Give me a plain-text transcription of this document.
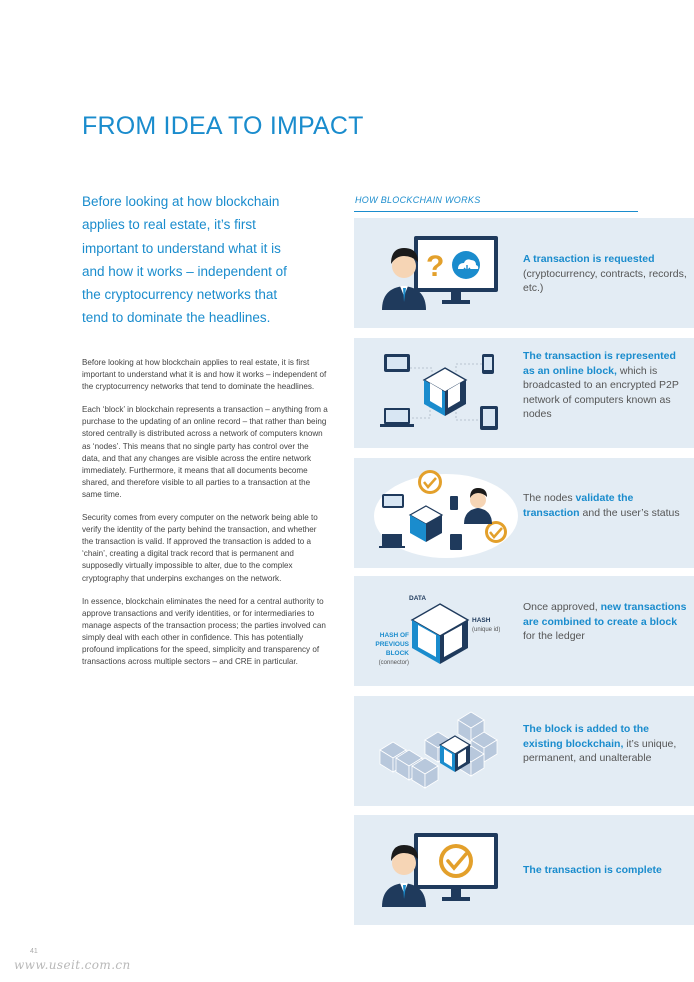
FROM IDEA TO IMPACT

Before looking at how blockchain

applies to real estate, it’s first

important to understand what it is

and how it works – independent of

the cryptocurrency networks that

tend to dominate the headlines.

Before looking at how blockchain applies to real estate, it is first important to understand what it is and how it works – independent of the cryptocurrency networks that tend to dominate the headlines.

Each ‘block’ in blockchain represents a transaction – anything from a purchase to the updating of an online record – that rather than being stored centrally is distributed across a network of computers known as ‘nodes’. This means that no single party has control over the data, and that any changes are visible across the entire network immediately. Furthermore, it means that all documents become shared, and therefore visible to all parties to a transaction at the same time.

Security comes from every computer on the network being able to verify the identity of the party behind the transaction, and whether the transaction is valid. If approved the transaction is added to a ‘chain’, creating a digital track record that is permanent and supposedly virtually impossible to alter, due to the complex cryptography that underpins exchanges on the network.

In essence, blockchain eliminates the need for a central authority to approve transactions and verify identities, or for intermediaries to manage aspects of the transaction process; the parties involved can simply deal with each other in confidence. This has potentially profound implications for the speed, simplicity and transparency of transactions across multiple sectors – and CRE in particular.

HOW BLOCKCHAIN WORKS
?	A transaction is requested
(cryptocurrency, contracts, records, etc.)
The transaction is represented as an online block, which is broadcasted to an encrypted P2P network of computers known as nodes
The nodes validate the transaction and the user’s status
DATA
HASH
(unique id)
HASH OF
PREVIOUS
BLOCK
(connector)
Once approved, new transactions are combined to create a block for the ledger
The block is added to the existing blockchain, it’s unique, permanent, and unalterable
The transaction is complete
41
www.useit.com.cn
